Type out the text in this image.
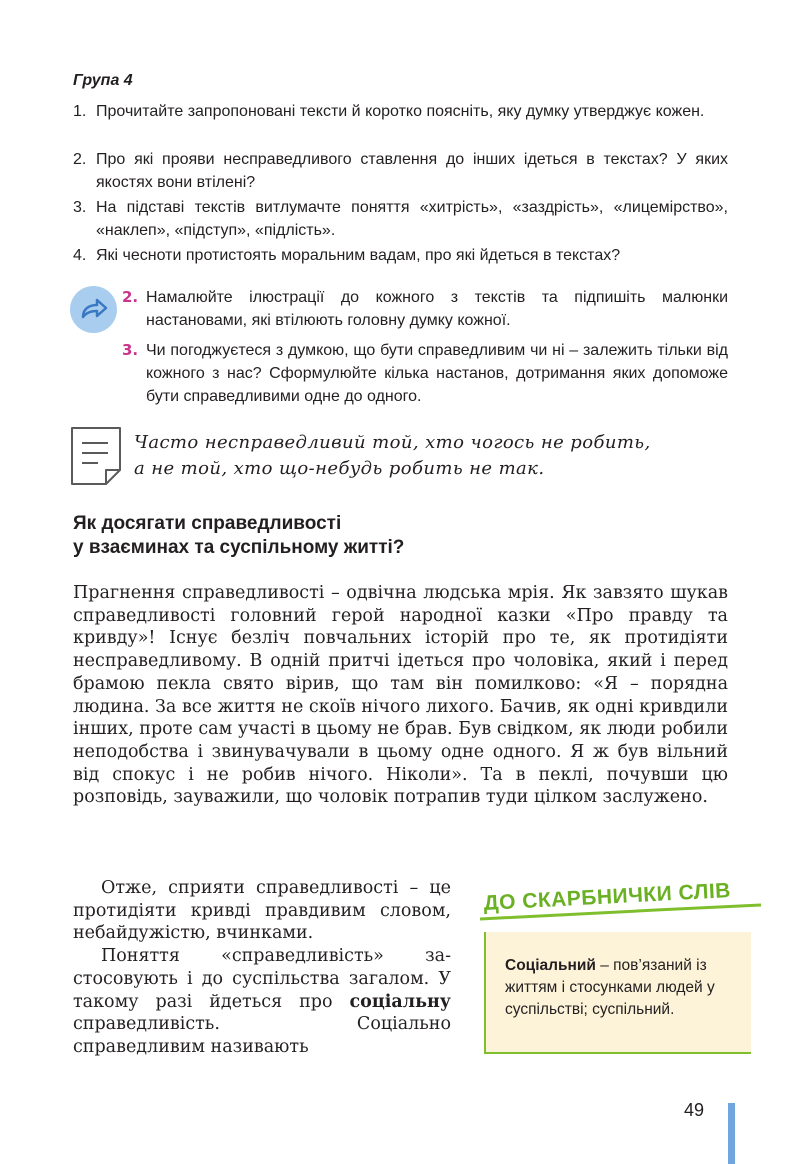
Група 4
1. Прочитайте запропоновані тексти й коротко поясніть, яку думку утверджує кожен.
2. Про які прояви несправедливого ставлення до інших ідеться в текстах? У яких якостях вони втілені?
3. На підставі текстів витлумачте поняття «хитрість», «заздрість», «лицемірство», «наклеп», «підступ», «підлість».
4. Які чесноти протистоять моральним вадам, про які йдеться в текстах?
2. Намалюйте ілюстрації до кожного з текстів та підпишіть малюнки настановами, які втілюють головну думку кожної.
3. Чи погоджуєтеся з думкою, що бути справедливим чи ні – залежить тільки від кожного з нас? Сформулюйте кілька настанов, дотримання яких допоможе бути справедливими одне до одного.
Часто несправедливий той, хто чогось не робить,
а не той, хто що-небудь робить не так.
Як досягати справедливості
у взаєминах та суспільному житті?

Прагнення справедливості – одвічна людська мрія. Як завзято шукав справедливості головний герой народної казки «Про правду та кривду»! Існує безліч повчальних історій про те, як протидіяти несправедливому. В одній притчі ідеться про чоловіка, який і перед брамою пекла свято вірив, що там він помилково: «Я – порядна людина. За все життя не скоїв нічого лихого. Бачив, як одні кривдили інших, проте сам участі в цьому не брав. Був свідком, як люди робили неподобства і звинувачували в цьому одне одного. Я ж був вільний від спокус і не робив нічого. Ніколи». Та в пеклі, почувши цю розповідь, зауважили, що чоловік потрапив туди цілком заслужено.

Отже, сприяти справедливості – це протидіяти кривді правдивим словом, небайдужістю, вчинками.

Поняття «справедливість» застосовують і до суспільства загалом. У такому разі йдеться про соціальну справедливість. Соціально справедливим називають

ДО СКАРБНИЧКИ СЛІВ
Соціальний – пов’язаний із життям і стосунками людей у суспільстві; суспільний.
49
